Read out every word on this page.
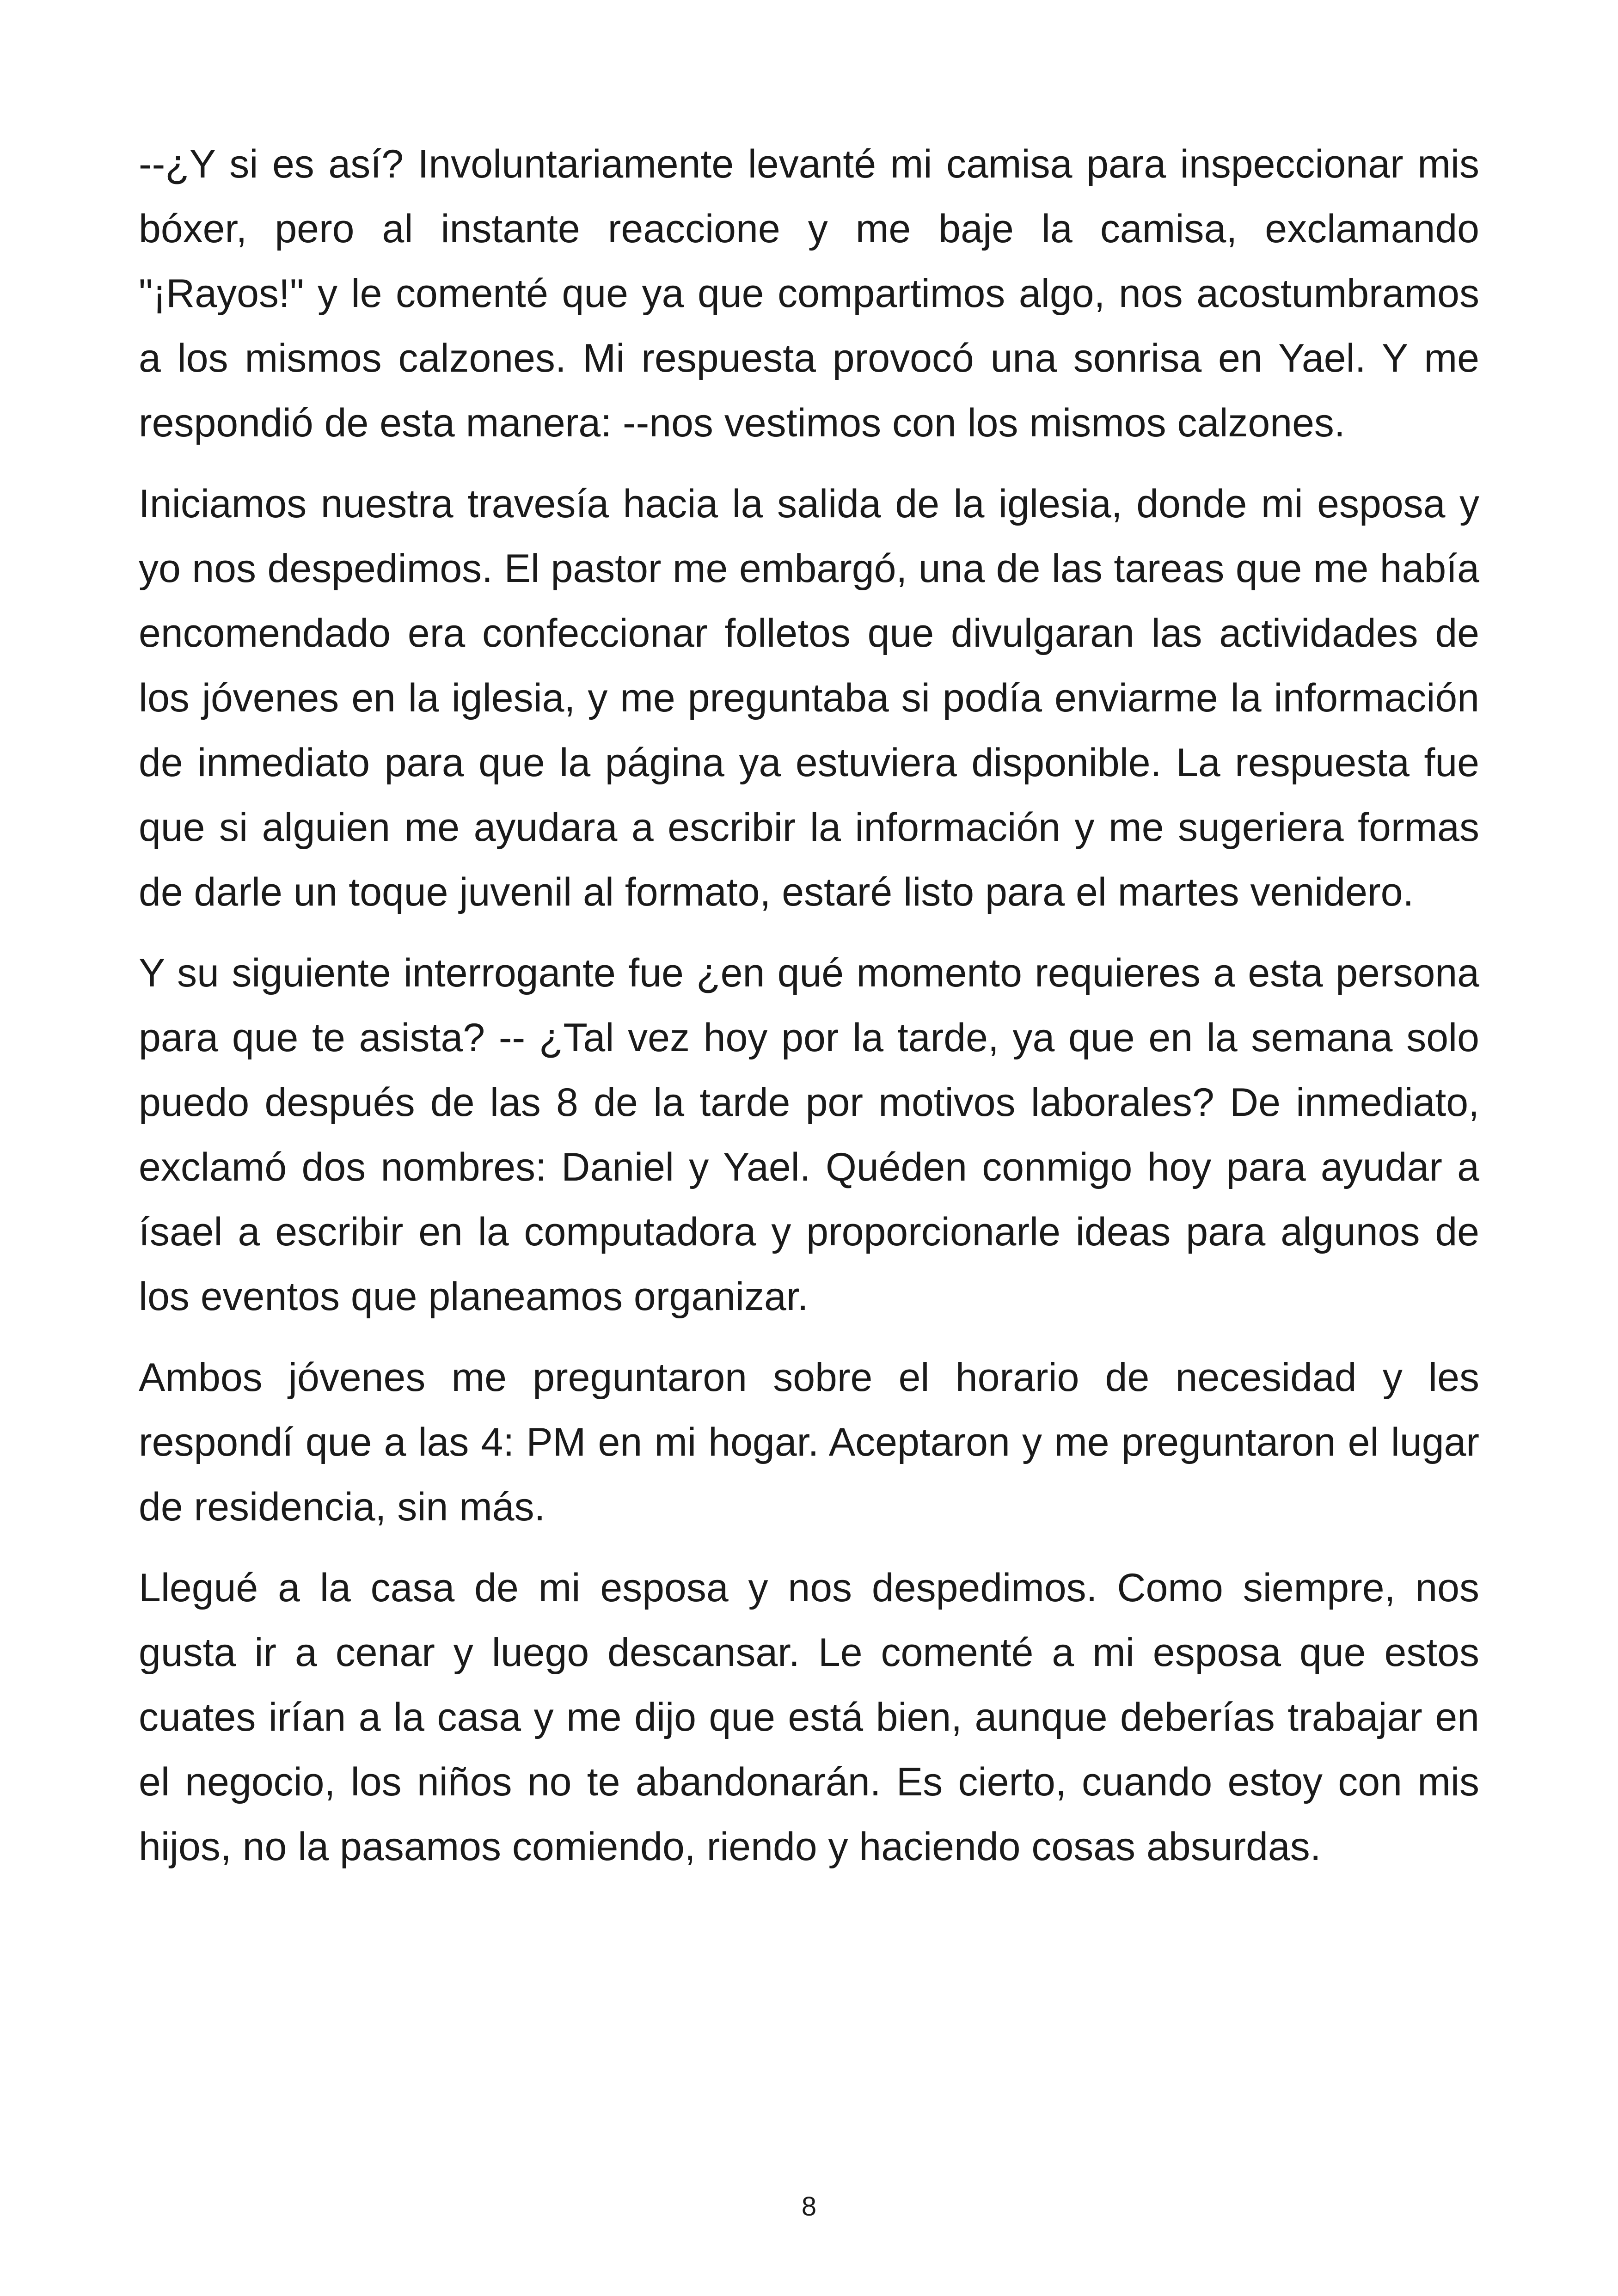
--¿Y si es así? Involuntariamente levanté mi camisa para inspeccionar mis bóxer, pero al instante reaccione y me baje la camisa, exclamando "¡Rayos!" y le comenté que ya que compartimos algo, nos acostumbramos a los mismos calzones. Mi respuesta provocó una sonrisa en Yael. Y me respondió de esta manera: --nos vestimos con los mismos calzones.

Iniciamos nuestra travesía hacia la salida de la iglesia, donde mi esposa y yo nos despedimos. El pastor me embargó, una de las tareas que me había encomendado era confeccionar folletos que divulgaran las actividades de los jóvenes en la iglesia, y me preguntaba si podía enviarme la información de inmediato para que la página ya estuviera disponible. La respuesta fue que si alguien me ayudara a escribir la información y me sugeriera formas de darle un toque juvenil al formato, estaré listo para el martes venidero.

Y su siguiente interrogante fue ¿en qué momento requieres a esta persona para que te asista? -- ¿Tal vez hoy por la tarde, ya que en la semana solo puedo después de las 8 de la tarde por motivos laborales? De inmediato, exclamó dos nombres: Daniel y Yael. Quéden conmigo hoy para ayudar a ísael a escribir en la computadora y proporcionarle ideas para algunos de los eventos que planeamos organizar.

Ambos jóvenes me preguntaron sobre el horario de necesidad y les respondí que a las 4: PM en mi hogar. Aceptaron y me preguntaron el lugar de residencia, sin más.

Llegué a la casa de mi esposa y nos despedimos. Como siempre, nos gusta ir a cenar y luego descansar. Le comenté a mi esposa que estos cuates irían a la casa y me dijo que está bien, aunque deberías trabajar en el negocio, los niños no te abandonarán. Es cierto, cuando estoy con mis hijos, no la pasamos comiendo, riendo y haciendo cosas absurdas.

8
